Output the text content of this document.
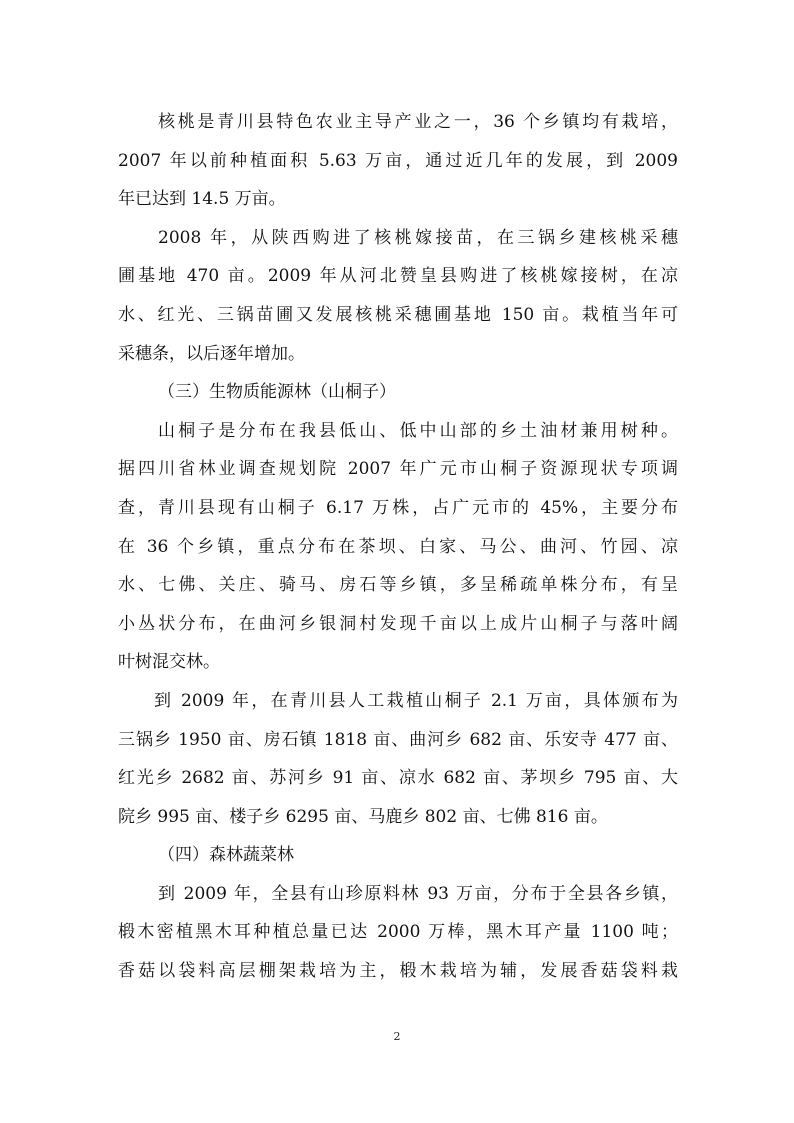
核桃是青川县特色农业主导产业之一，36 个乡镇均有栽培，
2007 年以前种植面积 5.63 万亩，通过近几年的发展，到 2009
年已达到 14.5 万亩。
2008 年，从陕西购进了核桃嫁接苗，在三锅乡建核桃采穗
圃基地 470 亩。2009 年从河北赞皇县购进了核桃嫁接树，在凉
水、红光、三锅苗圃又发展核桃采穗圃基地 150 亩。栽植当年可
采穗条，以后逐年增加。
（三）生物质能源林（山桐子）
山桐子是分布在我县低山、低中山部的乡土油材兼用树种。
据四川省林业调查规划院 2007 年广元市山桐子资源现状专项调
查，青川县现有山桐子 6.17 万株，占广元市的 45%，主要分布
在 36 个乡镇，重点分布在茶坝、白家、马公、曲河、竹园、凉
水、七佛、关庄、骑马、房石等乡镇，多呈稀疏单株分布，有呈
小丛状分布，在曲河乡银洞村发现千亩以上成片山桐子与落叶阔
叶树混交林。
到 2009 年，在青川县人工栽植山桐子 2.1 万亩，具体颁布为
三锅乡 1950 亩、房石镇 1818 亩、曲河乡 682 亩、乐安寺 477 亩、
红光乡 2682 亩、苏河乡 91 亩、凉水 682 亩、茅坝乡 795 亩、大
院乡 995 亩、楼子乡 6295 亩、马鹿乡 802 亩、七佛 816 亩。
（四）森林蔬菜林
到 2009 年，全县有山珍原料林 93 万亩，分布于全县各乡镇，
椴木密植黑木耳种植总量已达 2000 万棒，黑木耳产量 1100 吨；
香菇以袋料高层棚架栽培为主，椴木栽培为辅，发展香菇袋料栽
2
